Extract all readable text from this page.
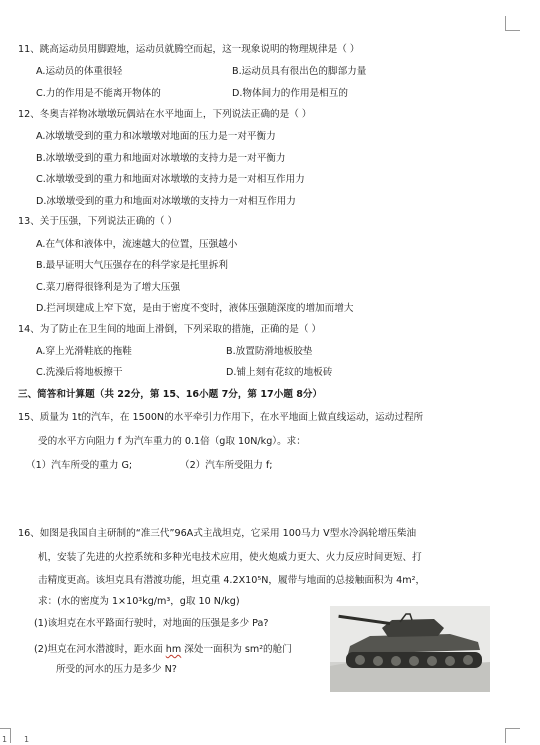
11、跳高运动员用脚蹬地，运动员就腾空而起，这一现象说明的物理规律是（ ）
A.运动员的体重很轻	B.运动员具有很出色的脚部力量
C.力的作用是不能离开物体的	D.物体间力的作用是相互的
12、冬奥吉祥物冰墩墩玩偶站在水平地面上，下列说法正确的是（ ）
A.冰墩墩受到的重力和冰墩墩对地面的压力是一对平衡力
B.冰墩墩受到的重力和地面对冰墩墩的支持力是一对平衡力
C.冰墩墩受到的重力和地面对冰墩墩的支持力是一对相互作用力
D.冰墩墩受到的重力和地面对冰墩墩的支持力一对相互作用力
13、关于压强，下列说法正确的（ ）
A.在气体和液体中，流速越大的位置，压强越小
B.最早证明大气压强存在的科学家是托里拆利
C.菜刀磨得很锋利是为了增大压强
D.拦河坝建成上窄下宽，是由于密度不变时，液体压强随深度的增加而增大
14、为了防止在卫生间的地面上滑倒，下列采取的措施，正确的是（ ）
A.穿上光滑鞋底的拖鞋	B.放置防滑地板胶垫
C.洗澡后将地板擦干	D.铺上刻有花纹的地板砖
三、简答和计算题（共 22分，第 15、16小题 7分，第 17小题 8分）
15、质量为 1t的汽车，在 1500N的水平牵引力作用下，在水平地面上做直线运动，运动过程所
受的水平方向阻力 f 为汽车重力的 0.1倍（g取 10N/kg）。求：
（1）汽车所受的重力 G;	（2）汽车所受阻力 f;
16、如图是我国自主研制的“准三代”96A式主战坦克，它采用 100马力 V型水冷涡轮增压柴油
机，安装了先进的火控系统和多种光电技术应用，使火炮威力更大、火力反应时间更短、打
击精度更高。该坦克具有潜渡功能，坦克重 4.2X10⁵N，履带与地面的总接触面积为 4m²，
求：(水的密度为 1×10³kg/m³，g取 10 N/kg)
(1)该坦克在水平路面行驶时，对地面的压强是多少 Pa?
(2)坦克在河水潜渡时，距水面 hm 深处一面积为 sm²的舱门
所受的河水的压力是多少 N?
1 1
